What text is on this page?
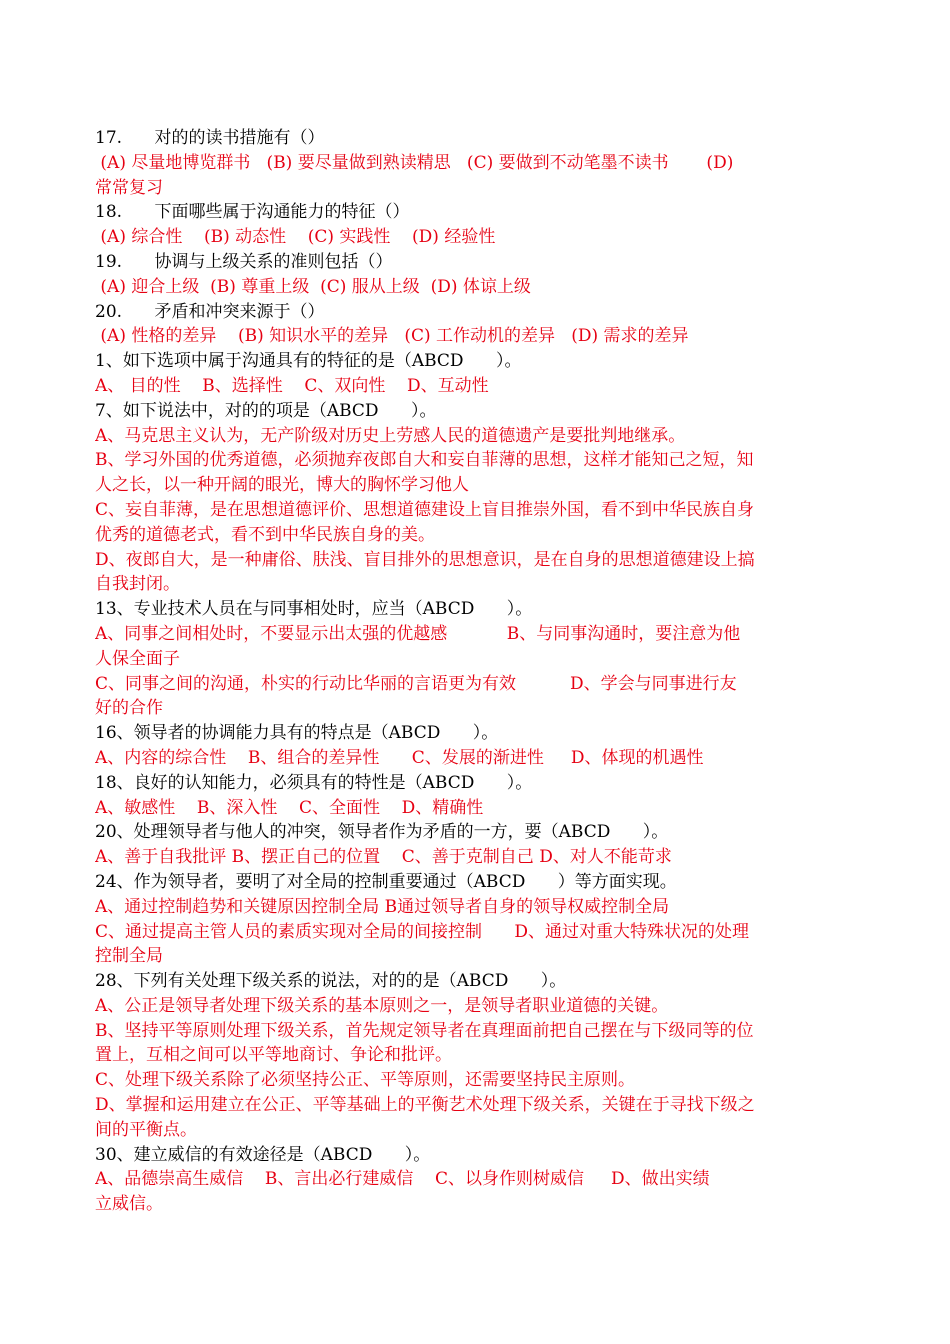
17.      对的的读书措施有（）
(A) 尽量地博览群书   (B) 要尽量做到熟读精思   (C) 要做到不动笔墨不读书       (D)
常常复习
18.      下面哪些属于沟通能力的特征（）
(A) 综合性    (B) 动态性    (C) 实践性    (D) 经验性
19.      协调与上级关系的准则包括（）
(A) 迎合上级  (B) 尊重上级  (C) 服从上级  (D) 体谅上级
20.      矛盾和冲突来源于（）
(A) 性格的差异    (B) 知识水平的差异   (C) 工作动机的差异   (D) 需求的差异
1、如下选项中属于沟通具有的特征的是（ABCD      ）。
A、 目的性    B、选择性    C、双向性    D、互动性
7、如下说法中，对的的项是（ABCD      ）。
A、马克思主义认为，无产阶级对历史上劳感人民的道德遗产是要批判地继承。
B、学习外国的优秀道德，必须抛弃夜郎自大和妄自菲薄的思想，这样才能知己之短，知
人之长，以一种开阔的眼光，博大的胸怀学习他人
C、妄自菲薄，是在思想道德评价、思想道德建设上盲目推崇外国，看不到中华民族自身
优秀的道德老式，看不到中华民族自身的美。
D、夜郎自大，是一种庸俗、肤浅、盲目排外的思想意识，是在自身的思想道德建设上搞
自我封闭。
13、专业技术人员在与同事相处时，应当（ABCD      ）。
A、同事之间相处时，不要显示出太强的优越感           B、与同事沟通时，要注意为他
人保全面子
C、同事之间的沟通，朴实的行动比华丽的言语更为有效          D、学会与同事进行友
好的合作
16、领导者的协调能力具有的特点是（ABCD      ）。
A、内容的综合性    B、组合的差异性      C、发展的渐进性     D、体现的机遇性
18、良好的认知能力，必须具有的特性是（ABCD      ）。
A、敏感性    B、深入性    C、全面性    D、精确性
20、处理领导者与他人的冲突，领导者作为矛盾的一方，要（ABCD      ）。
A、善于自我批评 B、摆正自己的位置    C、善于克制自己 D、对人不能苛求
24、作为领导者，要明了对全局的控制重要通过（ABCD      ）等方面实现。
A、通过控制趋势和关键原因控制全局 B通过领导者自身的领导权威控制全局
C、通过提高主管人员的素质实现对全局的间接控制      D、通过对重大特殊状况的处理
控制全局
28、下列有关处理下级关系的说法，对的的是（ABCD      ）。
A、公正是领导者处理下级关系的基本原则之一，是领导者职业道德的关键。
B、坚持平等原则处理下级关系，首先规定领导者在真理面前把自己摆在与下级同等的位
置上，互相之间可以平等地商讨、争论和批评。
C、处理下级关系除了必须坚持公正、平等原则，还需要坚持民主原则。
D、掌握和运用建立在公正、平等基础上的平衡艺术处理下级关系，关键在于寻找下级之
间的平衡点。
30、建立威信的有效途径是（ABCD      ）。
A、品德崇高生威信    B、言出必行建威信    C、以身作则树威信     D、做出实绩
立威信。
